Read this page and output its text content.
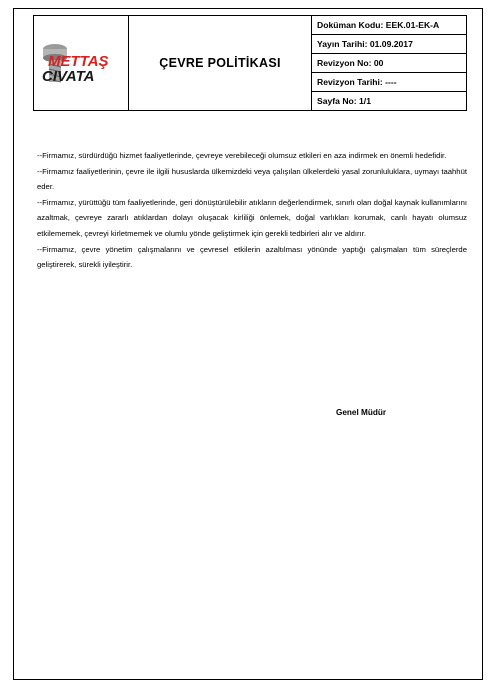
METTAŞ
CIVATA
	ÇEVRE POLİTİKASI	Doküman Kodu: EEK.01-EK-A
Yayın Tarihi: 01.09.2017
Revizyon No: 00
Revizyon Tarihi: ----
Sayfa No: 1/1

--Firmamız, sürdürdüğü hizmet faaliyetlerinde, çevreye verebileceği olumsuz etkileri en aza indirmek en önemli hedefidir.

--Firmamız faaliyetlerinin, çevre ile ilgili hususlarda ülkemizdeki veya çalışılan ülkelerdeki yasal zorunluluklara, uymayı taahhüt eder.

--Firmamız, yürüttüğü tüm faaliyetlerinde, geri dönüştürülebilir atıkların değerlendirmek, sınırlı olan doğal kaynak kullanımlarını azaltmak, çevreye zararlı atıklardan dolayı oluşacak kirliliği önlemek, doğal varlıkları korumak, canlı hayatı olumsuz etkilememek, çevreyi kirletmemek ve olumlu yönde geliştirmek için gerekli tedbirleri alır ve aldırır.

--Firmamız, çevre yönetim çalışmalarını ve çevresel etkilerin azaltılması yönünde yaptığı çalışmaları tüm süreçlerde geliştirerek, sürekli iyileştirir.

Genel Müdür
